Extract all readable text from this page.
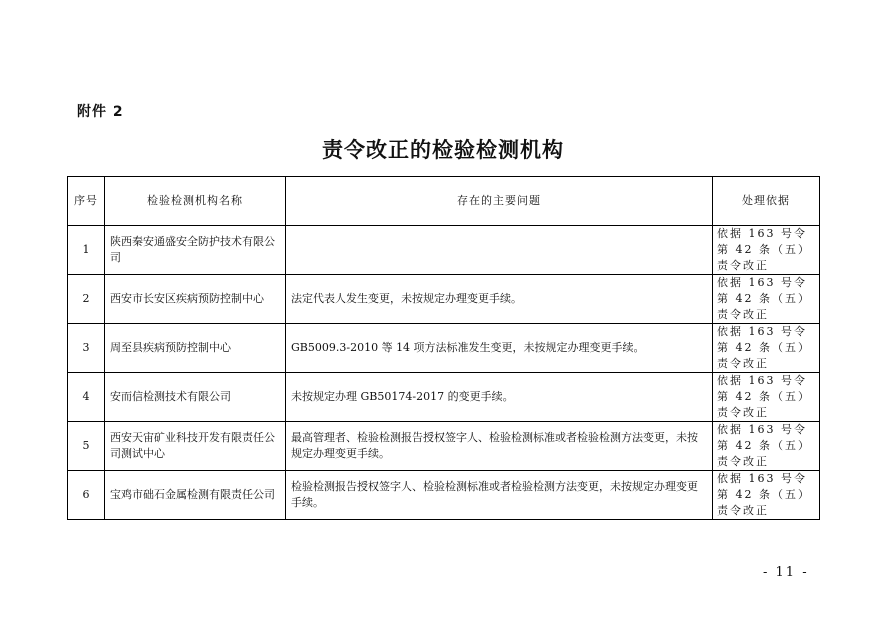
附件 2
责令改正的检验检测机构
序号	检验检测机构名称	存在的主要问题	处理依据
1	陕西秦安通盛安全防护技术有限公司		依据 163 号令第 42 条（五）责令改正
2	西安市长安区疾病预防控制中心	法定代表人发生变更，未按规定办理变更手续。	依据 163 号令第 42 条（五）责令改正
3	周至县疾病预防控制中心	GB5009.3-2010 等 14 项方法标准发生变更，未按规定办理变更手续。	依据 163 号令第 42 条（五）责令改正
4	安而信检测技术有限公司	未按规定办理 GB50174-2017 的变更手续。	依据 163 号令第 42 条（五）责令改正
5	西安天宙矿业科技开发有限责任公司测试中心	最高管理者、检验检测报告授权签字人、检验检测标准或者检验检测方法变更，未按规定办理变更手续。	依据 163 号令第 42 条（五）责令改正
6	宝鸡市础石金属检测有限责任公司	检验检测报告授权签字人、检验检测标准或者检验检测方法变更，未按规定办理变更手续。	依据 163 号令第 42 条（五）责令改正
- 11 -
